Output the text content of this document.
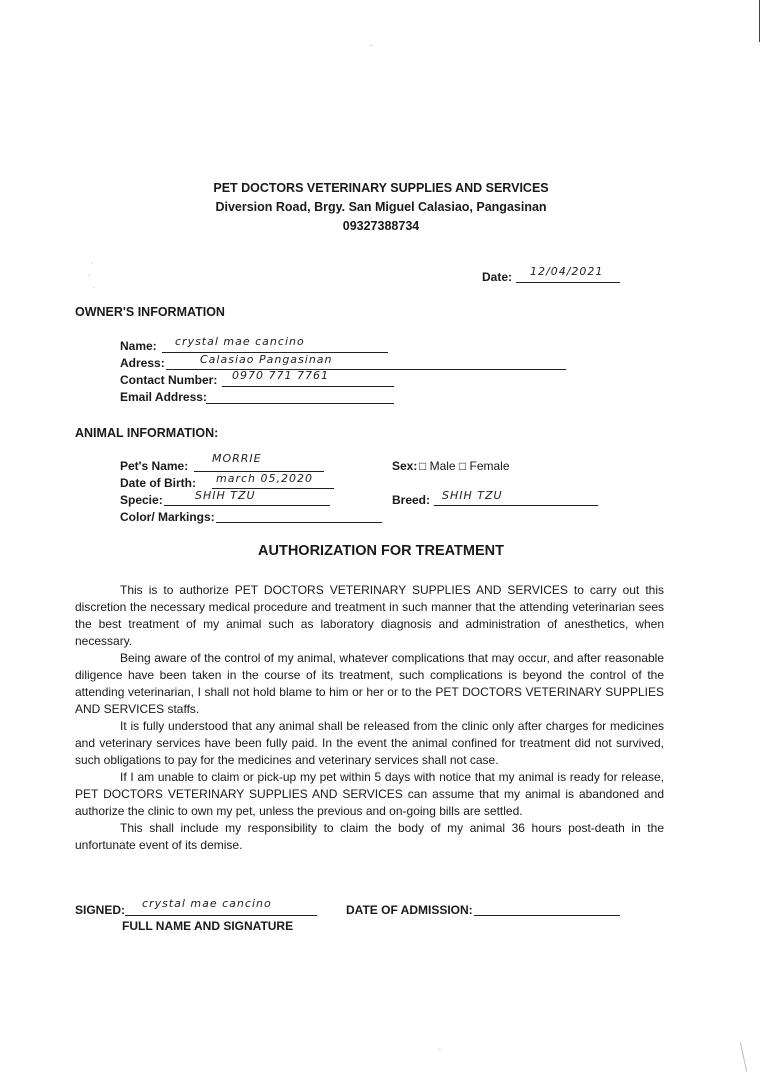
·
·
·
-
-
PET DOCTORS VETERINARY SUPPLIES AND SERVICES
Diversion Road, Brgy. San Miguel Calasiao, Pangasinan
09327388734
Date: 12/04/2021
OWNER'S INFORMATION
Name: crystal mae cancino
Adress:	Calasiao Pangasinan
Contact Number: 0970 771 7761
Email Address:
ANIMAL INFORMATION:
Pet's Name:
MORRIE
Date of Birth: march 05,2020
Specie:	SHIH TZU
Color/ Markings:
Sex: □ Male □ Female
Breed: SHIH TZU
AUTHORIZATION FOR TREATMENT

This is to authorize PET DOCTORS VETERINARY SUPPLIES AND SERVICES to carry out this discretion the necessary medical procedure and treatment in such manner that the attending veterinarian sees the best treatment of my animal such as laboratory diagnosis and administration of anesthetics, when necessary.

Being aware of the control of my animal, whatever complications that may occur, and after reasonable diligence have been taken in the course of its treatment, such complications is beyond the control of the attending veterinarian, I shall not hold blame to him or her or to the PET DOCTORS VETERINARY SUPPLIES AND SERVICES staffs.

It is fully understood that any animal shall be released from the clinic only after charges for medicines and veterinary services have been fully paid. In the event the animal confined for treatment did not survived, such obligations to pay for the medicines and veterinary services shall not case.

If I am unable to claim or pick-up my pet within 5 days with notice that my animal is ready for release, PET DOCTORS VETERINARY SUPPLIES AND SERVICES can assume that my animal is abandoned and authorize the clinic to own my pet, unless the previous and on-going bills are settled.

This shall include my responsibility to claim the body of my animal 36 hours post-death in the unfortunate event of its demise.

SIGNED: crystal mae cancino
FULL NAME AND SIGNATURE
DATE OF ADMISSION:
